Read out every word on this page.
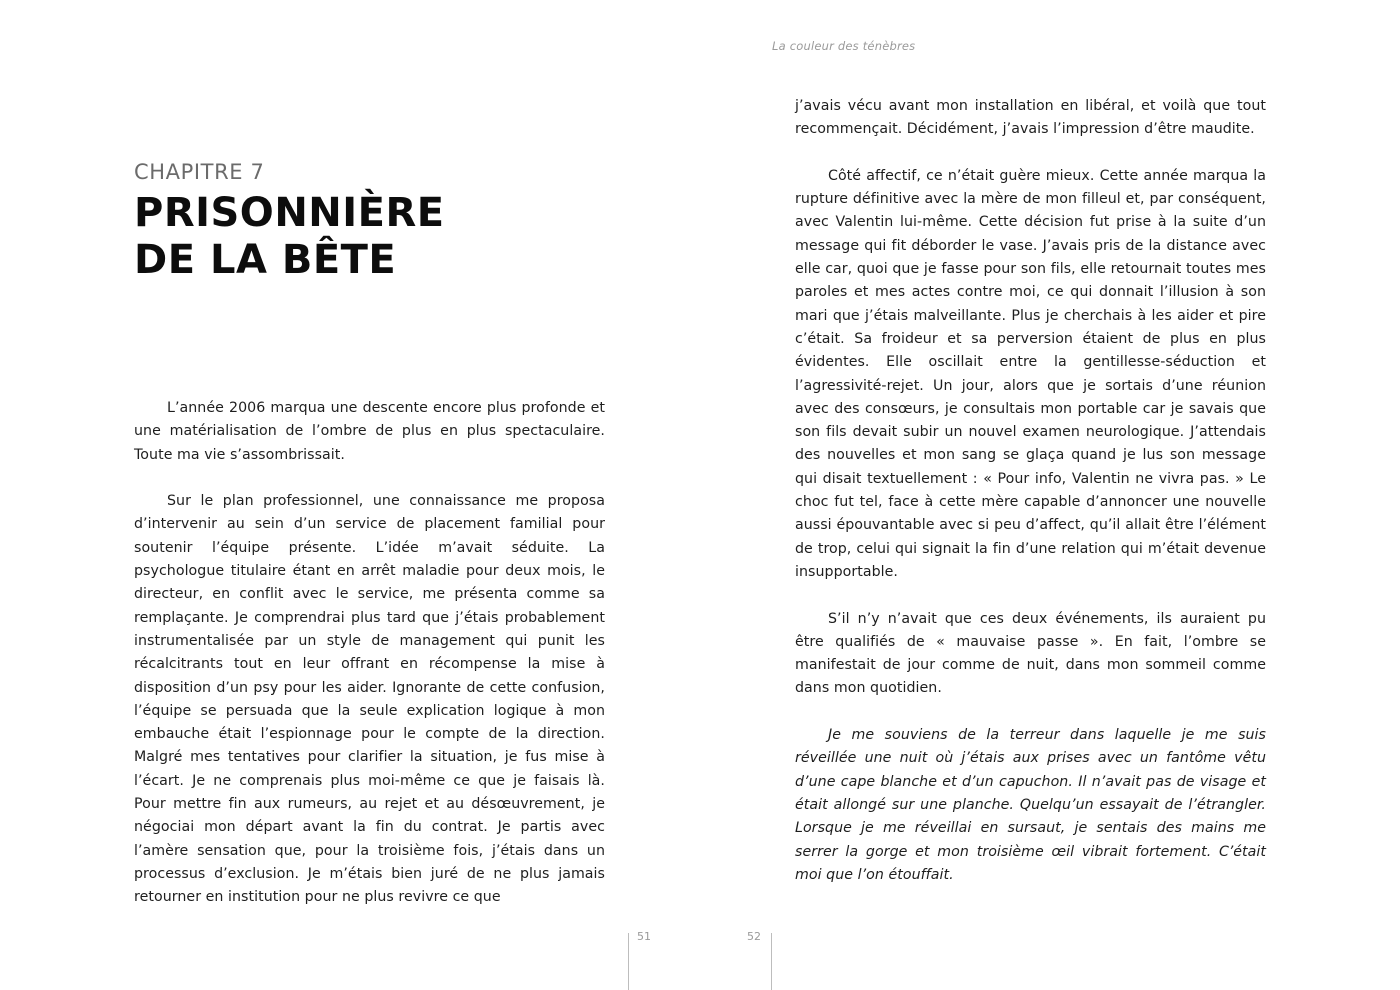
CHAPITRE 7
PRISONNIÈRE
DE LA BÊTE

L’année 2006 marqua une descente encore plus profonde et une matérialisation de l’ombre de plus en plus spectaculaire. Toute ma vie s’assombrissait.

Sur le plan professionnel, une connaissance me proposa d’intervenir au sein d’un service de placement familial pour soutenir l’équipe présente. L’idée m’avait séduite. La psychologue titulaire étant en arrêt maladie pour deux mois, le directeur, en conflit avec le service, me présenta comme sa remplaçante. Je comprendrai plus tard que j’étais probablement instrumentalisée par un style de management qui punit les récalcitrants tout en leur offrant en récompense la mise à disposition d’un psy pour les aider. Ignorante de cette confusion, l’équipe se persuada que la seule explication logique à mon embauche était l’espionnage pour le compte de la direction. Malgré mes tentatives pour clarifier la situation, je fus mise à l’écart. Je ne comprenais plus moi-même ce que je faisais là. Pour mettre fin aux rumeurs, au rejet et au désœuvrement, je négociai mon départ avant la fin du contrat. Je partis avec l’amère sensation que, pour la troisième fois, j’étais dans un processus d’exclusion. Je m’étais bien juré de ne plus jamais retourner en institution pour ne plus revivre ce que

51
La couleur des ténèbres

j’avais vécu avant mon installation en libéral, et voilà que tout recommençait. Décidément, j’avais l’impression d’être maudite.

Côté affectif, ce n’était guère mieux. Cette année marqua la rupture définitive avec la mère de mon filleul et, par conséquent, avec Valentin lui-même. Cette décision fut prise à la suite d’un message qui fit déborder le vase. J’avais pris de la distance avec elle car, quoi que je fasse pour son fils, elle retournait toutes mes paroles et mes actes contre moi, ce qui donnait l’illusion à son mari que j’étais malveillante. Plus je cherchais à les aider et pire c’était. Sa froideur et sa perversion étaient de plus en plus évidentes. Elle oscillait entre la gentillesse-séduction et l’agressivité-rejet. Un jour, alors que je sortais d’une réunion avec des consœurs, je consultais mon portable car je savais que son fils devait subir un nouvel examen neurologique. J’attendais des nouvelles et mon sang se glaça quand je lus son message qui disait textuellement : « Pour info, Valentin ne vivra pas. » Le choc fut tel, face à cette mère capable d’annoncer une nouvelle aussi épouvantable avec si peu d’affect, qu’il allait être l’élément de trop, celui qui signait la fin d’une relation qui m’était devenue insupportable.

S’il n’y n’avait que ces deux événements, ils auraient pu être qualifiés de « mauvaise passe ». En fait, l’ombre se manifestait de jour comme de nuit, dans mon sommeil comme dans mon quotidien.

Je me souviens de la terreur dans laquelle je me suis réveillée une nuit où j’étais aux prises avec un fantôme vêtu d’une cape blanche et d’un capuchon. Il n’avait pas de visage et était allongé sur une planche. Quelqu’un essayait de l’étrangler. Lorsque je me réveillai en sursaut, je sentais des mains me serrer la gorge et mon troisième œil vibrait fortement. C’était moi que l’on étouffait.

52
